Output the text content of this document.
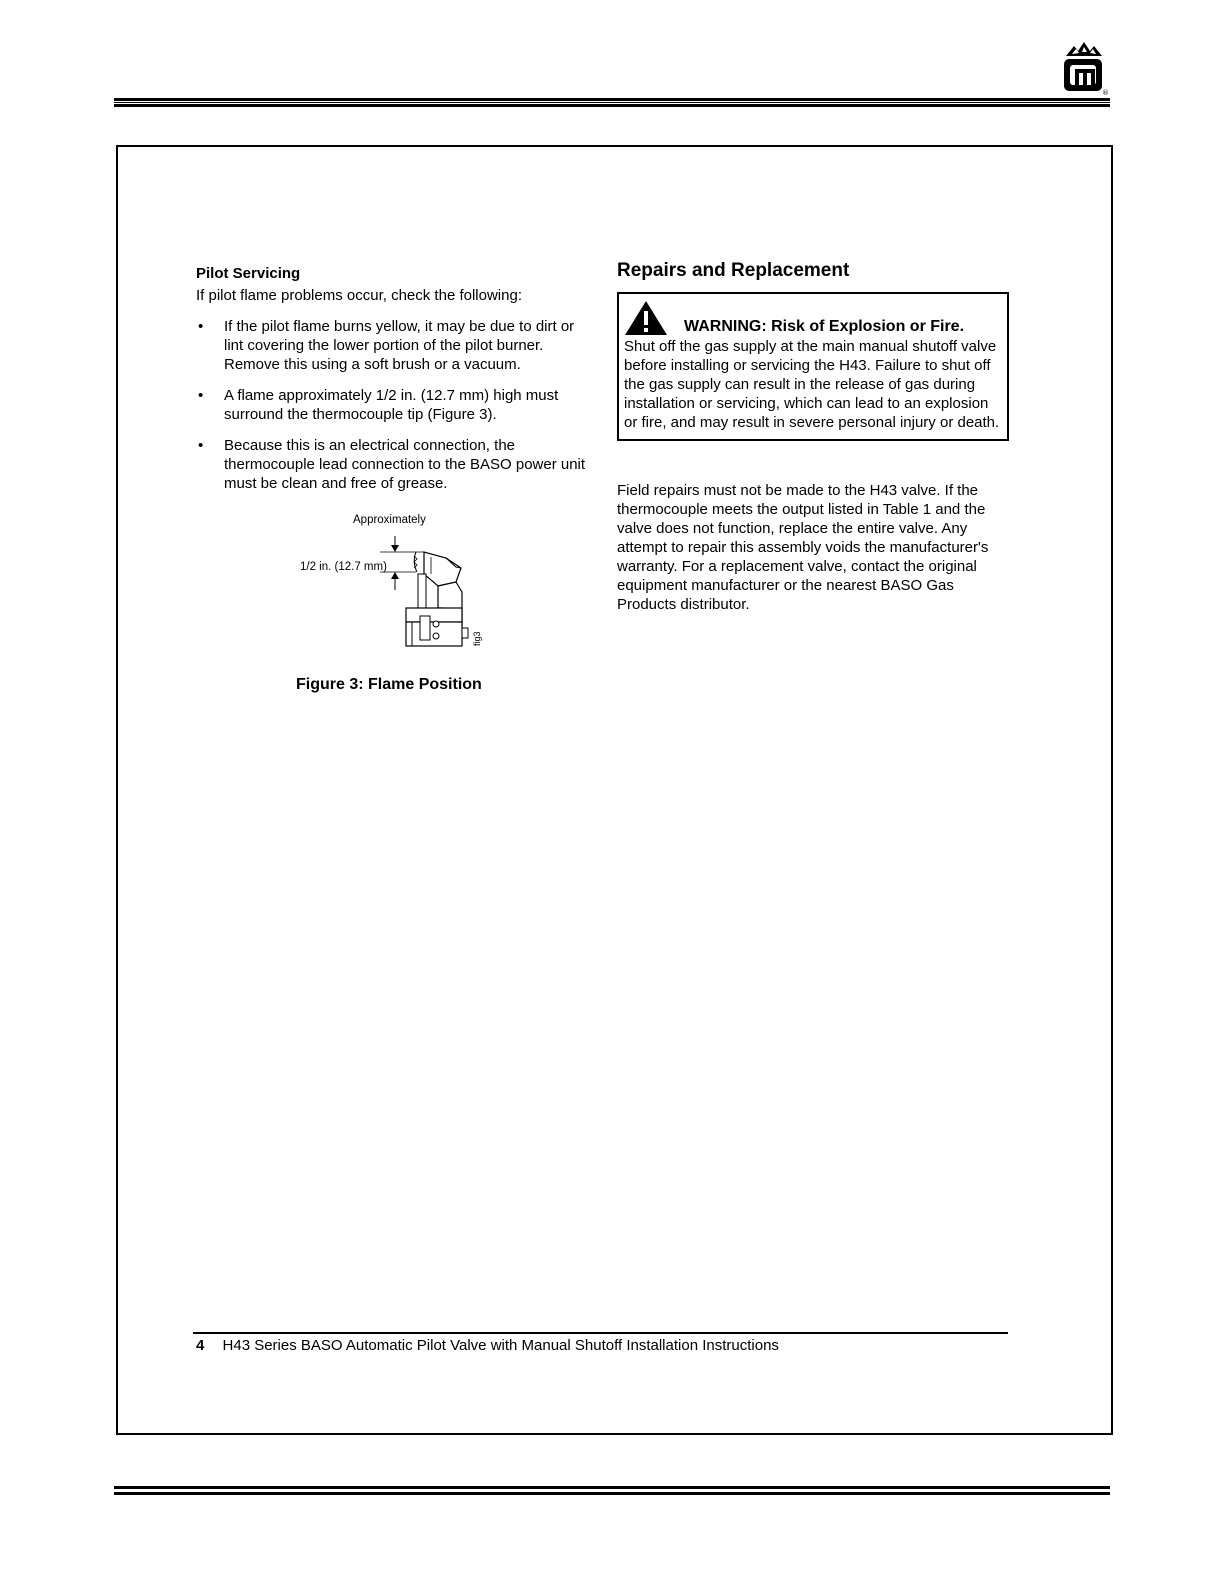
®
Pilot Servicing
If pilot flame problems occur, check the following:
• If the pilot flame burns yellow, it may be due to dirt or lint covering the lower portion of the pilot burner. Remove this using a soft brush or a vacuum.
• A flame approximately 1/2 in. (12.7 mm) high must surround the thermocouple tip (Figure 3).
• Because this is an electrical connection, the thermocouple lead connection to the BASO power unit must be clean and free of grease.
Approximately
1/2 in. (12.7 mm)
fig3
Figure 3: Flame Position
Repairs and Replacement
WARNING: Risk of Explosion or Fire.
Shut off the gas supply at the main manual shutoff valve before installing or servicing the H43. Failure to shut off the gas supply can result in the release of gas during installation or servicing, which can lead to an explosion or fire, and may result in severe personal injury or death.

Field repairs must not be made to the H43 valve. If the thermocouple meets the output listed in Table 1 and the valve does not function, replace the entire valve. Any attempt to repair this assembly voids the manufacturer's warranty. For a replacement valve, contact the original equipment manufacturer or the nearest BASO Gas Products distributor.

4 H43 Series BASO Automatic Pilot Valve with Manual Shutoff Installation Instructions
